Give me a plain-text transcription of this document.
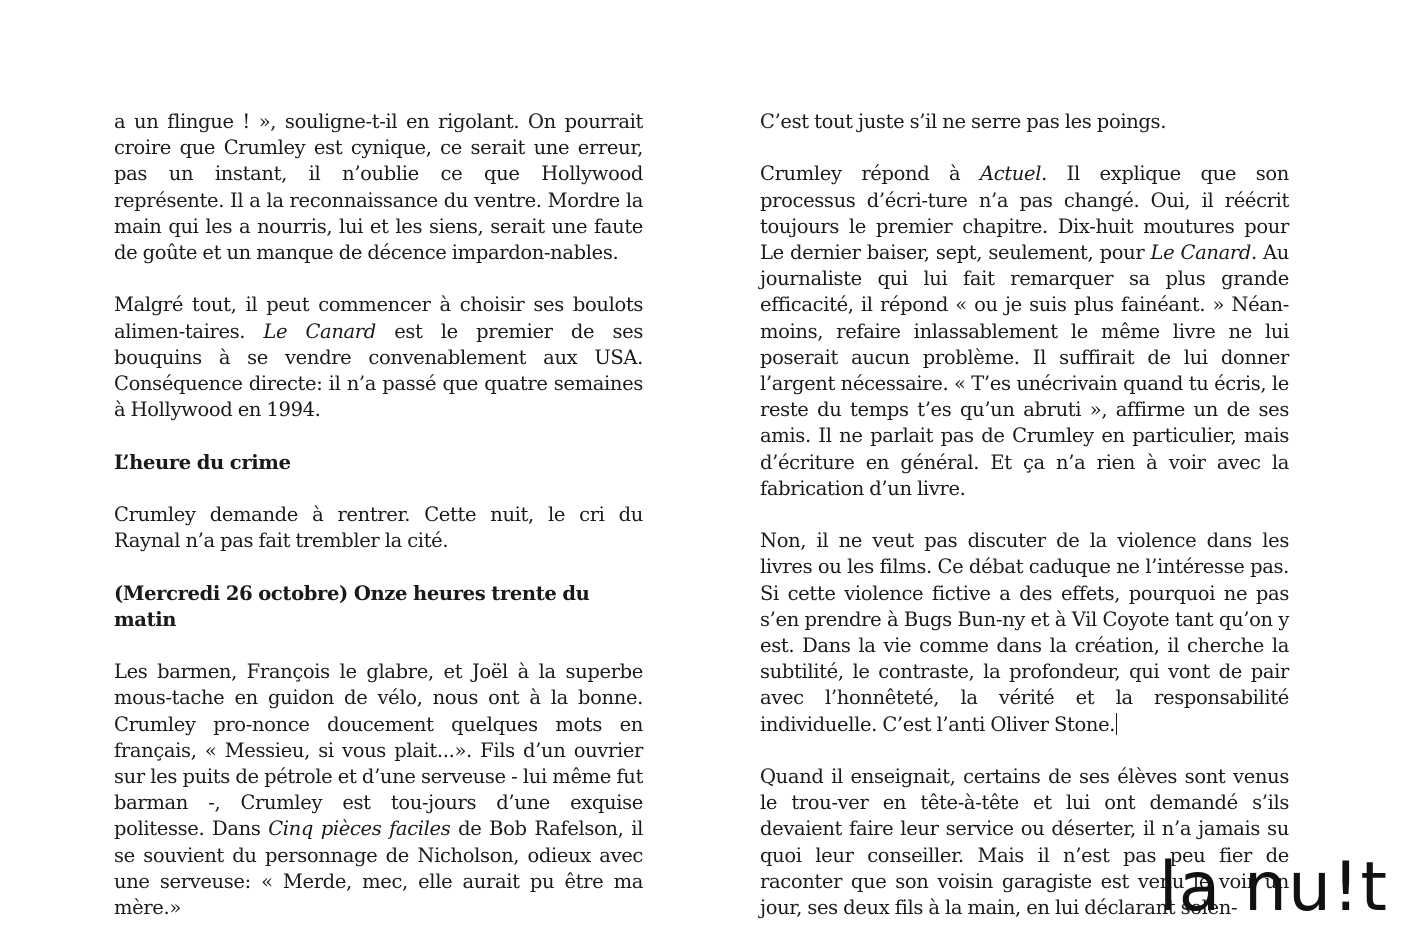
a un flingue ! », souligne-t-il en rigolant. On pourrait croire que Crumley est cynique, ce serait une erreur, pas un instant, il n’oublie ce que Hollywood représente. Il a la reconnaissance du ventre. Mordre la main qui les a nourris, lui et les siens, serait une faute de goûte et un manque de décence impardon-nables.

Malgré tout, il peut commencer à choisir ses boulots alimen-taires. Le Canard est le premier de ses bouquins à se vendre convenablement aux USA. Conséquence directe: il n’a passé que quatre semaines à Hollywood en 1994.

L’heure du crime

Crumley demande à rentrer. Cette nuit, le cri du Raynal n’a pas fait trembler la cité.

(Mercredi 26 octobre) Onze heures trente du matin

Les barmen, François le glabre, et Joël à la superbe mous-tache en guidon de vélo, nous ont à la bonne. Crumley pro-nonce doucement quelques mots en français, « Messieu, si vous plait...». Fils d’un ouvrier sur les puits de pétrole et d’une serveuse - lui même fut barman -, Crumley est tou-jours d’une exquise politesse. Dans Cinq pièces faciles de Bob Rafelson, il se souvient du personnage de Nicholson, odieux avec une serveuse: « Merde, mec, elle aurait pu être ma mère.»

C’est tout juste s’il ne serre pas les poings.

Crumley répond à Actuel. Il explique que son processus d’écri-ture n’a pas changé. Oui, il réécrit toujours le premier chapitre. Dix-huit moutures pour Le dernier baiser, sept, seulement, pour Le Canard. Au journaliste qui lui fait remarquer sa plus grande efficacité, il répond « ou je suis plus fainéant. » Néan-moins, refaire inlassablement le même livre ne lui poserait aucun problème. Il suffirait de lui donner l’argent nécessaire. « T’es unécrivain quand tu écris, le reste du temps t’es qu’un abruti », affirme un de ses amis. Il ne parlait pas de Crumley en particulier, mais d’écriture en général. Et ça n’a rien à voir avec la fabrication d’un livre.

Non, il ne veut pas discuter de la violence dans les livres ou les films. Ce débat caduque ne l’intéresse pas. Si cette violence fictive a des effets, pourquoi ne pas s’en prendre à Bugs Bun-ny et à Vil Coyote tant qu’on y est. Dans la vie comme dans la création, il cherche la subtilité, le contraste, la profondeur, qui vont de pair avec l’honnêteté, la vérité et la responsabilité individuelle. C’est l’anti Oliver Stone.

Quand il enseignait, certains de ses élèves sont venus le trou-ver en tête-à-tête et lui ont demandé s’ils devaient faire leur service ou déserter, il n’a jamais su quoi leur conseiller. Mais il n’est pas peu fier de raconter que son voisin garagiste est venu le voir un jour, ses deux fils à la main, en lui déclarant solen-

la nu!t
